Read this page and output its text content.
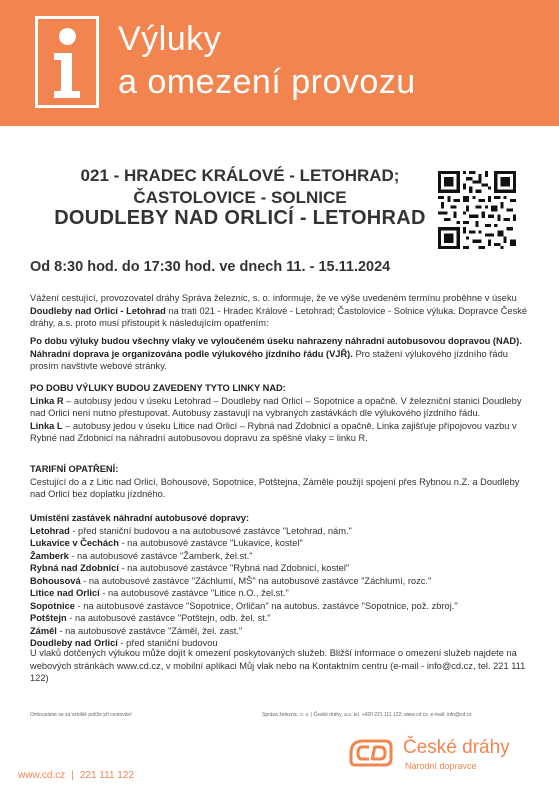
Výluky
a omezení provozu
021 - HRADEC KRÁLOVÉ - LETOHRAD;
ČASTOLOVICE - SOLNICE
DOUDLEBY NAD ORLICÍ - LETOHRAD
Od 8:30 hod. do 17:30 hod. ve dnech 11. - 15.11.2024
Vážení cestující, provozovatel dráhy Správa železnic, s. o. informuje, že ve výše uvedeném termínu proběhne v úseku Doudleby nad Orlicí - Letohrad na trati 021 - Hradec Králové - Letohrad; Častolovice - Solnice výluka. Dopravce České dráhy, a.s. proto musí přistoupit k následujícím opatřením:
Po dobu výluky budou všechny vlaky ve vyloučeném úseku nahrazeny náhradní autobusovou dopravou (NAD). Náhradní doprava je organizována podle výlukového jízdního řádu (VJŘ). Pro stažení výlukového jízdního řádu prosím navštivte webové stránky.
PO DOBU VÝLUKY BUDOU ZAVEDENY TYTO LINKY NAD:
Linka R – autobusy jedou v úseku Letohrad – Doudleby nad Orlicí – Sopotnice a opačně. V železniční stanici Doudleby nad Orlicí není nutno přestupovat. Autobusy zastavují na vybraných zastávkách dle výlukového jízdního řádu.
Linka L – autobusy jedou v úseku Litice nad Orlicí – Rybná nad Zdobnicí a opačně. Linka zajišťuje přípojovou vazbu v Rybné nad Zdobnicí na náhradní autobusovou dopravu za spěšné vlaky = linku R.
TARIFNÍ OPATŘENÍ:
Cestující do a z Litic nad Orlicí, Bohousové, Sopotnice, Potštejna, Záměle použijí spojení přes Rybnou n.Z. a Doudleby nad Orlicí bez doplatku jízdného.
Umístění zastávek náhradní autobusové dopravy:
Letohrad - před staniční budovou a na autobusové zastávce "Letohrad, nám."
Lukavice v Čechách - na autobusové zastávce "Lukavice, kostel"
Žamberk - na autobusové zastávce "Žamberk, žel.st."
Rybná nad Zdobnicí - na autobusové zastávce "Rybná nad Zdobnicí, kostel"
Bohousová - na autobusové zastávce "Záchlumí, MŠ" na autobusové zastávce "Záchlumí, rozc."
Litice nad Orlicí - na autobusové zastávce "Litice n.O., žel.st."
Sopotnice - na autobusové zastávce "Sopotnice, Orličan" na autobus. zastávce "Sopotnice, pož. zbroj."
Potštejn - na autobusové zastávce "Potštejn, odb. žel. st."
Záměl - na autobusové zastávce "Záměl, žel. zast."
Doudleby nad Orlicí - před staniční budovou
U vlaků dotčených výlukou může dojít k omezení poskytovaných služeb. Bližší informace o omezení služeb najdete na webových stránkách www.cd.cz, v mobilní aplikaci Můj vlak nebo na Kontaktním centru (e-mail - info@cd.cz, tel. 221 111 122)
Omlouváme se za vzniklé potíže při cestování	Správa železnic, s. o. | České dráhy, a.s. tel. +420 221 111 122, www.cd.cz, e-mail: info@cd.cz
České dráhy
Národní dopravce
www.cd.cz | 221 111 122
